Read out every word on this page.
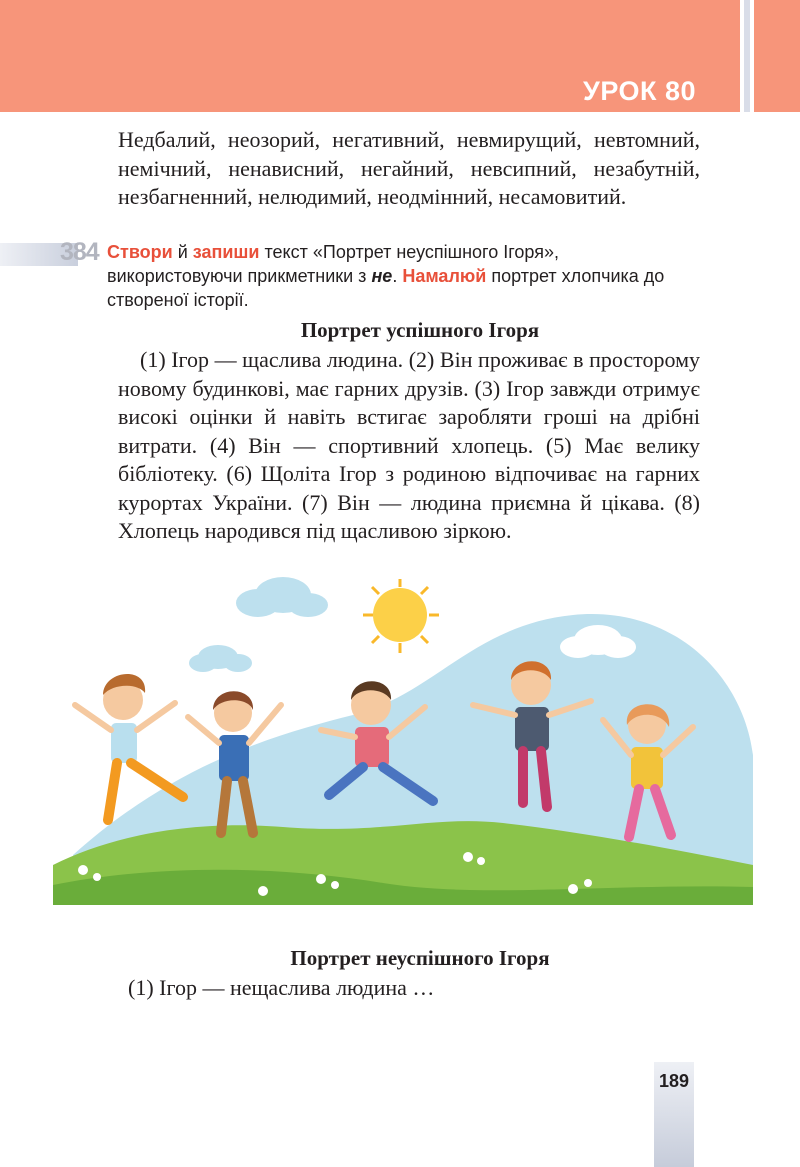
УРОК 80
Недбалий, неозорий, негативний, невмирущий, невтомний, немічний, ненависний, негайний, невсипний, незабутній, незбагненний, нелюдимий, неодмінний, несамовитий.
384 Створи й запиши текст «Портрет неуспішного Ігоря», використовуючи прикметники з не. Намалюй портрет хлопчика до створеної історії.
Портрет успішного Ігоря
(1) Ігор — щаслива людина. (2) Він проживає в просторому новому будинкові, має гарних друзів. (3) Ігор завжди отримує високі оцінки й навіть встигає заробляти гроші на дрібні витрати. (4) Він — спортивний хлопець. (5) Має велику бібліотеку. (6) Щоліта Ігор з родиною відпочиває на гарних курортах України. (7) Він — людина приємна й цікава. (8) Хлопець народився під щасливою зіркою.
Портрет неуспішного Ігоря
(1) Ігор — нещаслива людина …
189
